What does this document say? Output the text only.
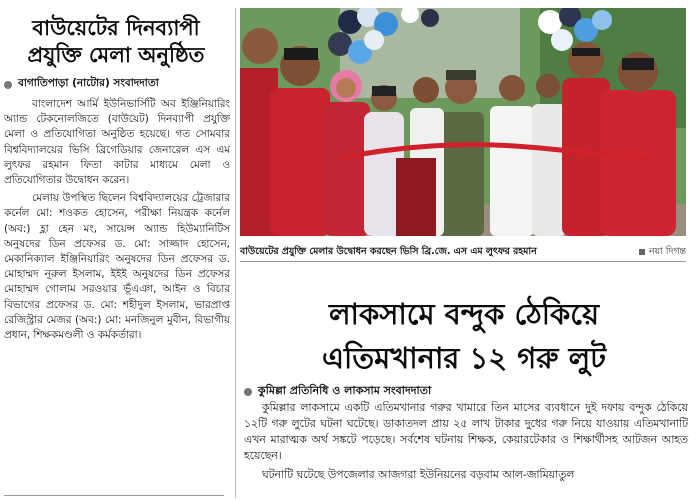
বাউয়েটের দিনব্যাপী প্রযুক্তি মেলা অনুষ্ঠিত
বাগাতিপাড়া (নাটোর) সংবাদদাতা

বাংলাদেশ আর্মি ইউনিভার্সিটি অব ইঞ্জিনিয়ারিং অ্যান্ড টেকনোলজিতে (বাউয়েট) দিনব্যাপী প্রযুক্তি মেলা ও প্রতিযোগিতা অনুষ্ঠিত হয়েছে। গত সোমবার বিশ্ববিদ্যালয়ের ভিসি ব্রিগেডিয়ার জেনারেল এস এম লুৎফর রহমান ফিতা কাটার মাধ্যমে মেলা ও প্রতিযোগিতার উদ্বোধন করেন।

মেলায় উপস্থিত ছিলেন বিশ্ববিদ্যালয়ের ট্রেজারার কর্নেল মো: শওকত হোসেন, পরীক্ষা নিয়ন্ত্রক কর্নেল (অব:) হ্লা হেন মং, সায়েন্স অ্যান্ড হিউম্যানিটিস অনুষদের ডিন প্রফেসর ড. মো: সাজ্জাদ হোসেন, মেকানিক্যাল ইঞ্জিনিয়ারিং অনুষদের ডিন প্রফেসর ড. মোহাম্মদ নূরুল ইসলাম, ইইই অনুষদের ডিন প্রফেসর মোহাম্মদ গোলাম সরওয়ার ভূঁএঞা, আইন ও বিচার বিভাগের প্রফেসর ড. মো: শহীদুল ইসলাম, ভারপ্রাপ্ত রেজিস্ট্রার মেজর (অব:) মো: মনজিনুল মুবীন, বিভাগীয় প্রধান, শিক্ষকমণ্ডলী ও কর্মকর্তারা।

বাউয়েটের প্রযুক্তি মেলার উদ্বোধন করছেন ভিসি ব্রি.জে. এস এম লুৎফর রহমান	নয়া দিগন্ত
লাকসামে বন্দুক ঠেকিয়ে
এতিমখানার ১২ গরু লুট
কুমিল্লা প্রতিনিধি ও লাকসাম সংবাদদাতা

কুমিল্লার লাকসামে একটি এতিমখানার গরুর খামারে তিন মাসের ব্যবধানে দুই দফায় বন্দুক ঠেকিয়ে ১২টি গরু লুটের ঘটনা ঘটেছে। ডাকাতদল প্রায় ২৫ লাখ টাকার দুধের গরু নিয়ে যাওয়ায় এতিমখানাটি এখন মারাত্মক অর্থ সঙ্কটে পড়েছে। সর্বশেষ ঘটনায় শিক্ষক, কেয়ারটেকার ও শিক্ষার্থীসহ আটজন আহত হয়েছেন।

ঘটনাটি ঘটেছে উপজেলার আজগরা ইউনিয়নের বড়বাম আল-জামিয়াতুল
